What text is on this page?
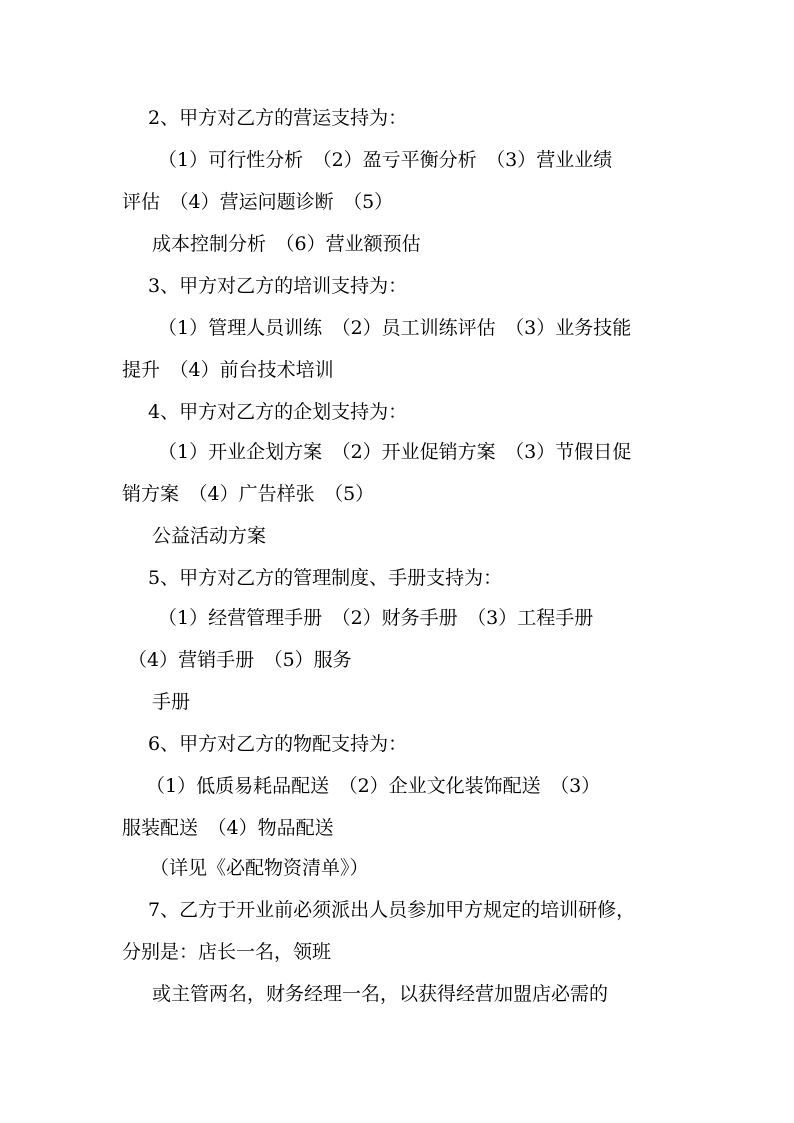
2、甲方对乙方的营运支持为：
（1）可行性分析　（2）盈亏平衡分析　（3）营业业绩
评估　（4）营运问题诊断　（5）
成本控制分析　（6）营业额预估
3、甲方对乙方的培训支持为：
（1）管理人员训练　（2）员工训练评估　（3）业务技能
提升　（4）前台技术培训
4、甲方对乙方的企划支持为：
（1）开业企划方案　（2）开业促销方案　（3）节假日促
销方案　（4）广告样张　（5）
公益活动方案
5、甲方对乙方的管理制度、手册支持为：
（1）经营管理手册　（2）财务手册　（3）工程手册
（4）营销手册　（5）服务
手册
6、甲方对乙方的物配支持为：
（1）低质易耗品配送　（2）企业文化装饰配送　（3）
服装配送　（4）物品配送
（详见《必配物资清单》）
7、乙方于开业前必须派出人员参加甲方规定的培训研修，
分别是：店长一名，领班
或主管两名，财务经理一名，以获得经营加盟店必需的
